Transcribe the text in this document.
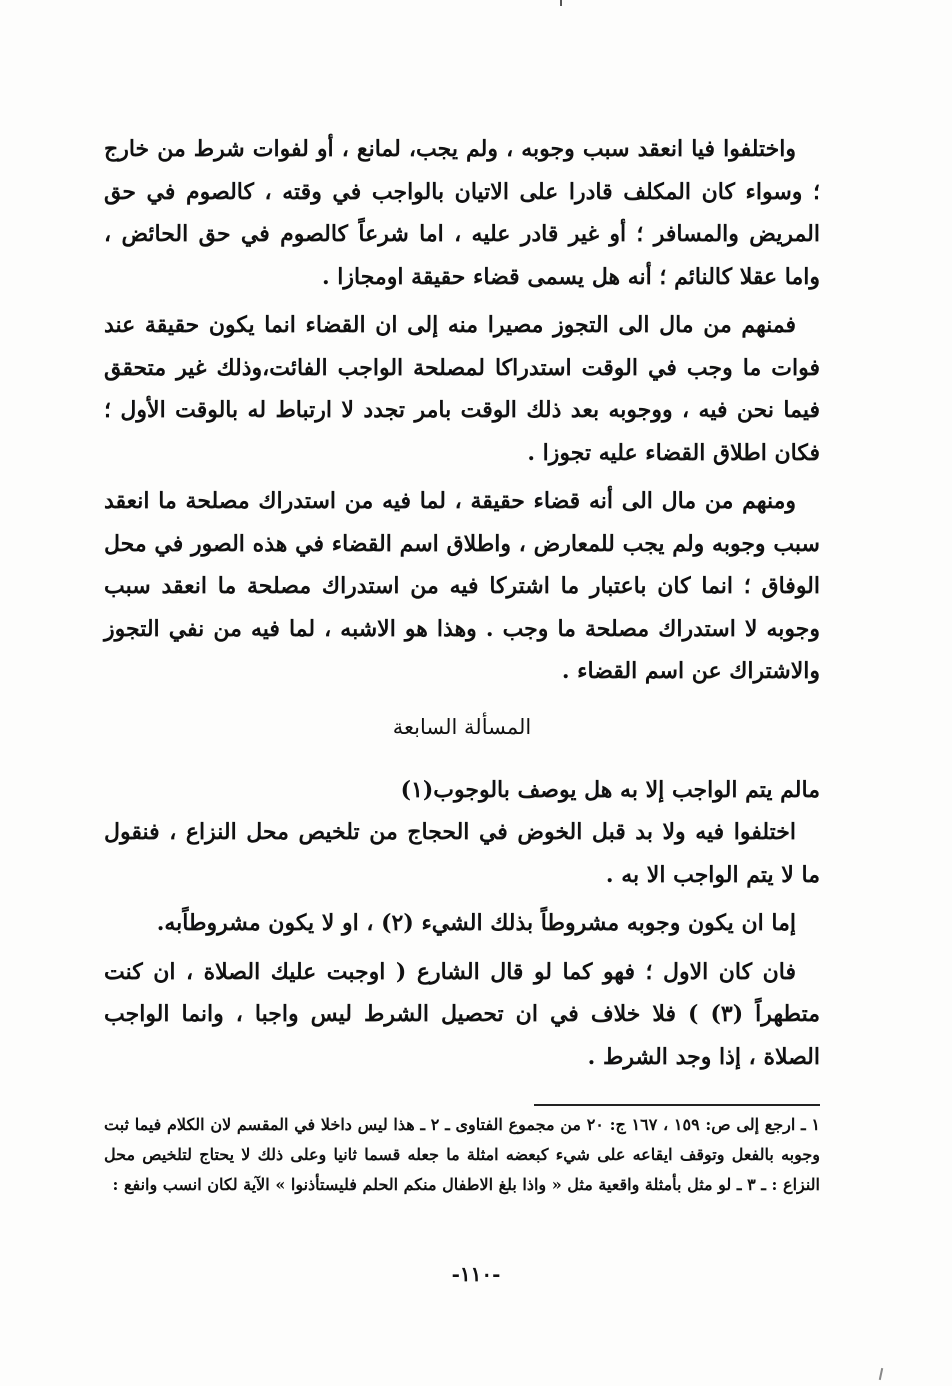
واختلفوا فيا انعقد سبب وجوبه ، ولم يجب، لمانع ، أو لفوات شرط من خارج ؛ وسواء كان المكلف قادرا على الاتيان بالواجب في وقته ، كالصوم في حق المريض والمسافر ؛ أو غير قادر عليه ، اما شرعاً كالصوم في حق الحائض ، واما عقلا كالنائم ؛ أنه هل يسمى قضاء حقيقة اومجازا .

فمنهم من مال الى التجوز مصيرا منه إلى ان القضاء انما يكون حقيقة عند فوات ما وجب في الوقت استدراكا لمصلحة الواجب الفائت،وذلك غير متحقق فيما نحن فيه ، ووجوبه بعد ذلك الوقت بامر تجدد لا ارتباط له بالوقت الأول ؛ فكان اطلاق القضاء عليه تجوزا .

ومنهم من مال الى أنه قضاء حقيقة ، لما فيه من استدراك مصلحة ما انعقد سبب وجوبه ولم يجب للمعارض ، واطلاق اسم القضاء في هذه الصور في محل الوفاق ؛ انما كان باعتبار ما اشتركا فيه من استدراك مصلحة ما انعقد سبب وجوبه لا استدراك مصلحة ما وجب . وهذا هو الاشبه ، لما فيه من نفي التجوز والاشتراك عن اسم القضاء .

المسألة السابعة

مالم يتم الواجب إلا به هل يوصف بالوجوب(١)

اختلفوا فيه ولا بد قبل الخوض في الحجاج من تلخيص محل النزاع ، فنقول ما لا يتم الواجب الا به .

إما ان يكون وجوبه مشروطاً بذلك الشيء (٢) ، او لا يكون مشروطاًبه.

فان كان الاول ؛ فهو كما لو قال الشارع ( اوجبت عليك الصلاة ، ان كنت متطهراً (٣) ) فلا خلاف في ان تحصيل الشرط ليس واجبا ، وانما الواجب الصلاة ، إذا وجد الشرط .

١ ـ ارجع إلى ص: ١٥٩ ، ١٦٧ ج: ٢٠ من مجموع الفتاوى ـ ٢ ـ هذا ليس داخلا في المقسم لان الكلام فيما ثبت وجوبه بالفعل وتوقف ايقاعه على شيء كبعضه امثلة ما جعله قسما ثانيا وعلى ذلك لا يحتاج لتلخيص محل النزاع : ـ ٣ ـ لو مثل بأمثلة واقعية مثل « واذا بلغ الاطفال منكم الحلم فليستأذنوا » الآية لكان انسب وانفع :

-١١٠-
